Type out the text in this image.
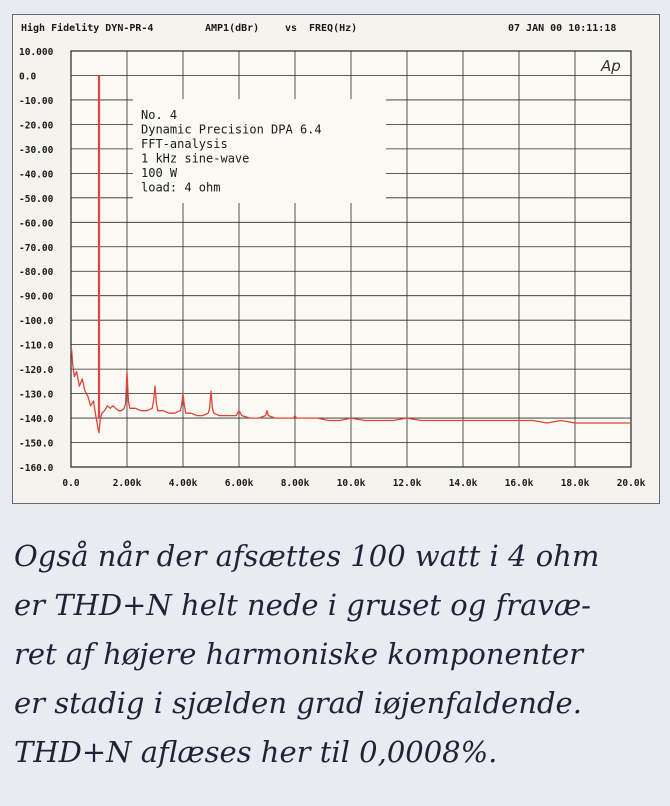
High Fidelity DYN-PR-4	AMP1(dBr)	vs FREQ(Hz)	07 JAN 00 10:11:18
10.000
0.0
-10.00
-20.00
-30.00
-40.00
-50.00
-60.00
-70.00
-80.00
-90.00
-100.0
-110.0
-120.0
-130.0
-140.0
-150.0
-160.0
0.0	2.00k	4.00k	6.00k	8.00k	10.0k	12.0k	14.0k	16.0k	18.0k	20.0k
No. 4
Dynamic Precision DPA 6.4
FFT-analysis
1 kHz sine-wave
100 W
load: 4 ohm
Ap
Også når der afsættes 100 watt i 4 ohm
er THD+N helt nede i gruset og fravæ-
ret af højere harmoniske komponenter
er stadig i sjælden grad iøjenfaldende.
THD+N aflæses her til 0,0008%.
